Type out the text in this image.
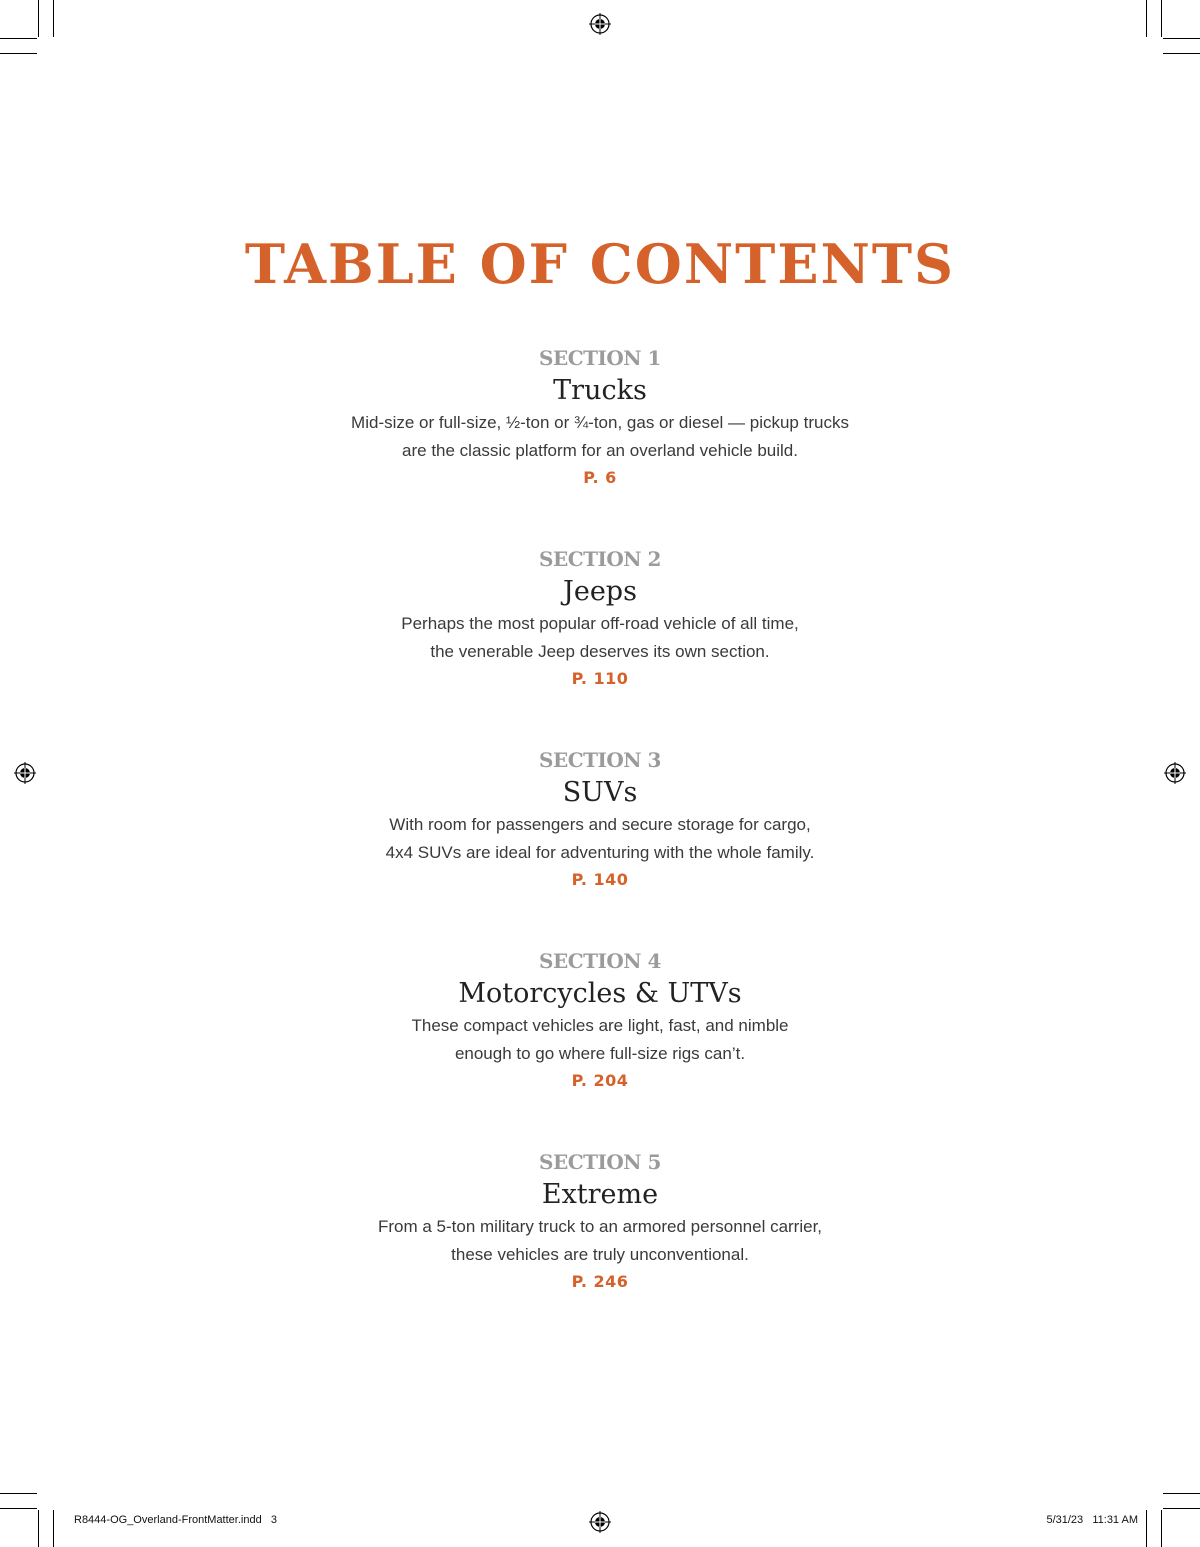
TABLE OF CONTENTS
SECTION 1
Trucks
Mid-size or full-size, ½-ton or ¾-ton, gas or diesel — pickup trucks
are the classic platform for an overland vehicle build.
P. 6
SECTION 2
Jeeps
Perhaps the most popular off-road vehicle of all time,
the venerable Jeep deserves its own section.
P. 110
SECTION 3
SUVs
With room for passengers and secure storage for cargo,
4x4 SUVs are ideal for adventuring with the whole family.
P. 140
SECTION 4
Motorcycles & UTVs
These compact vehicles are light, fast, and nimble
enough to go where full-size rigs can’t.
P. 204
SECTION 5
Extreme
From a 5-ton military truck to an armored personnel carrier,
these vehicles are truly unconventional.
P. 246
R8444-OG_Overland-FrontMatter.indd   3	5/31/23   11:31 AM
